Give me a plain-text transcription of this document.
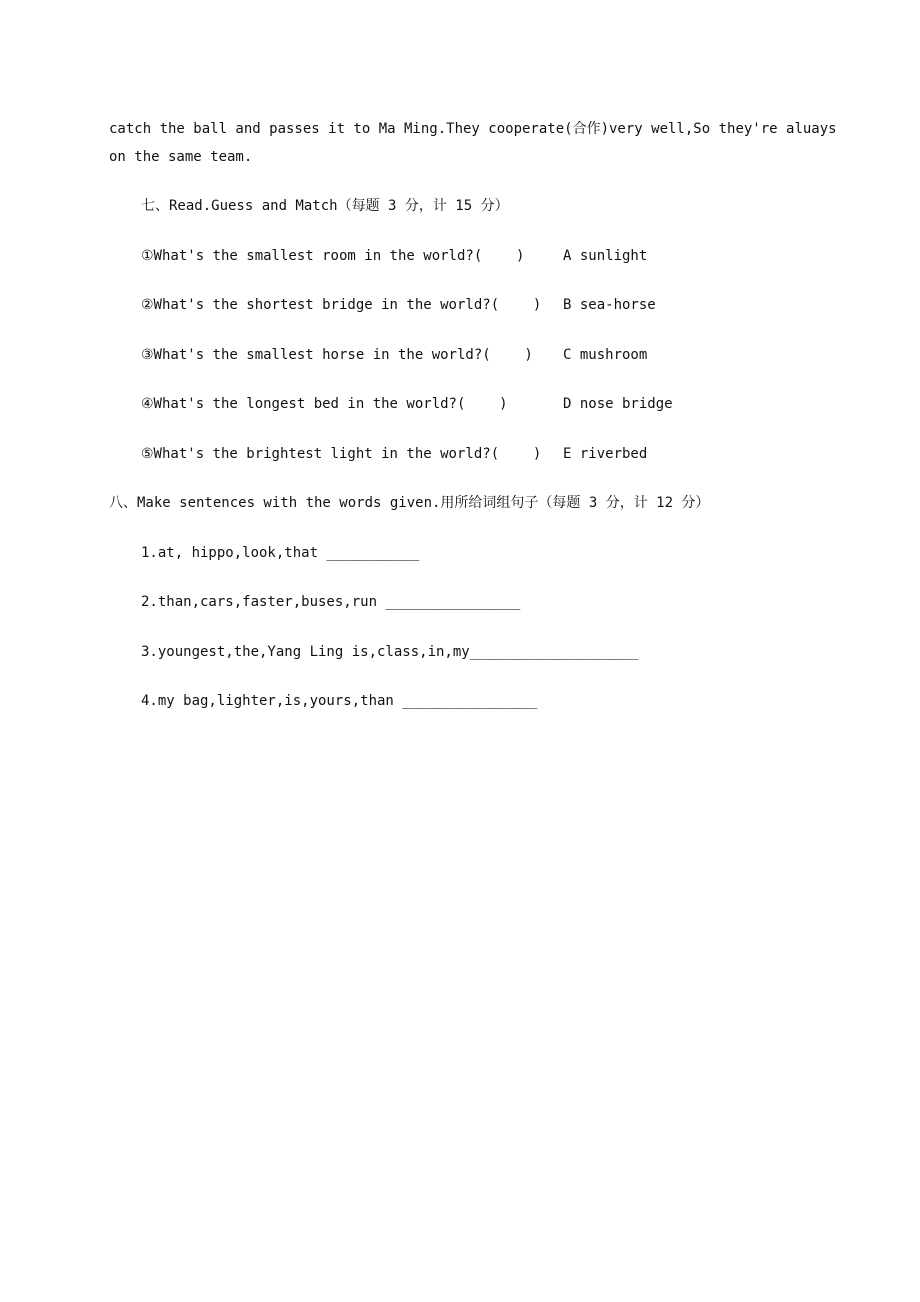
catch the ball and passes it to Ma Ming.They cooperate(合作)very well,So they're aluays
on the same team.
七、Read.Guess and Match（每题 3 分，计 15 分）
①What's the smallest room in the world?(    )	A sunlight
②What's the shortest bridge in the world?(    ) B sea-horse
③What's the smallest horse in the world?(    ) C mushroom
④What's the longest bed in the world?(    )	D nose bridge
⑤What's the brightest light in the world?(    ) E riverbed
八、Make sentences with the words given.用所给词组句子（每题 3 分，计 12 分）
1.at, hippo,look,that ___________
2.than,cars,faster,buses,run ________________
3.youngest,the,Yang Ling is,class,in,my____________________
4.my bag,lighter,is,yours,than ________________
